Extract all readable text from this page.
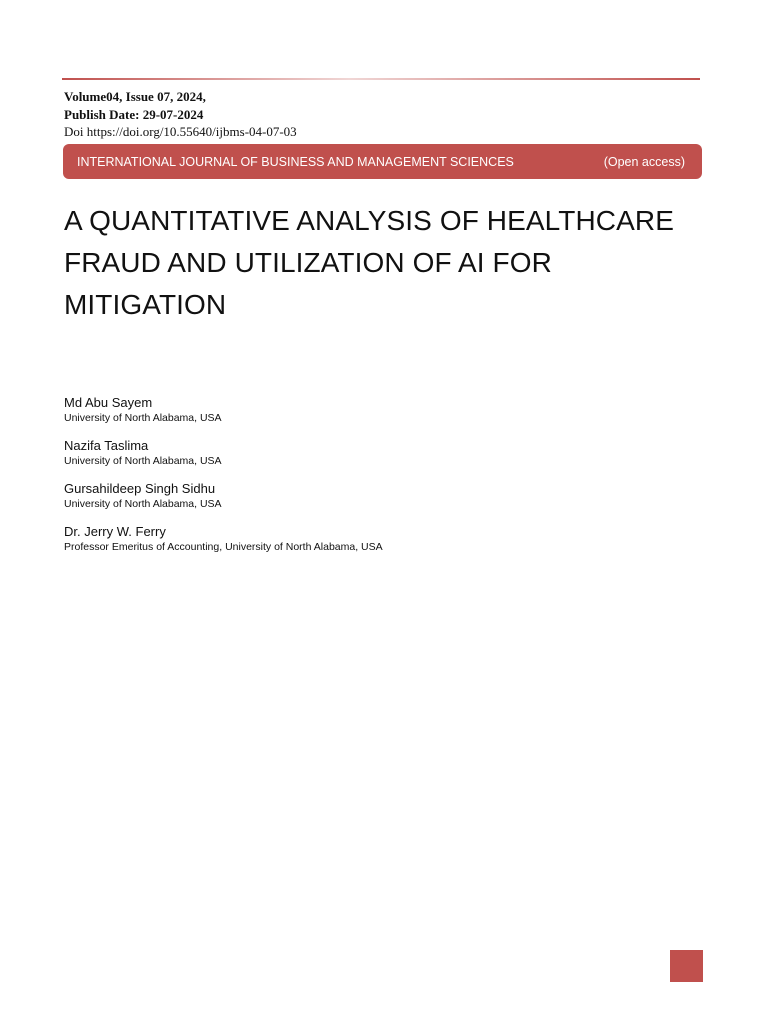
Volume04, Issue 07, 2024,
Publish Date: 29-07-2024
Doi https://doi.org/10.55640/ijbms-04-07-03
INTERNATIONAL JOURNAL OF BUSINESS AND MANAGEMENT SCIENCES	(Open access)
A QUANTITATIVE ANALYSIS OF HEALTHCARE FRAUD AND UTILIZATION OF AI FOR MITIGATION
Md Abu Sayem
University of North Alabama, USA
Nazifa Taslima
University of North Alabama, USA
Gursahildeep Singh Sidhu
University of North Alabama, USA
Dr. Jerry W. Ferry
Professor Emeritus of Accounting, University of North Alabama, USA
